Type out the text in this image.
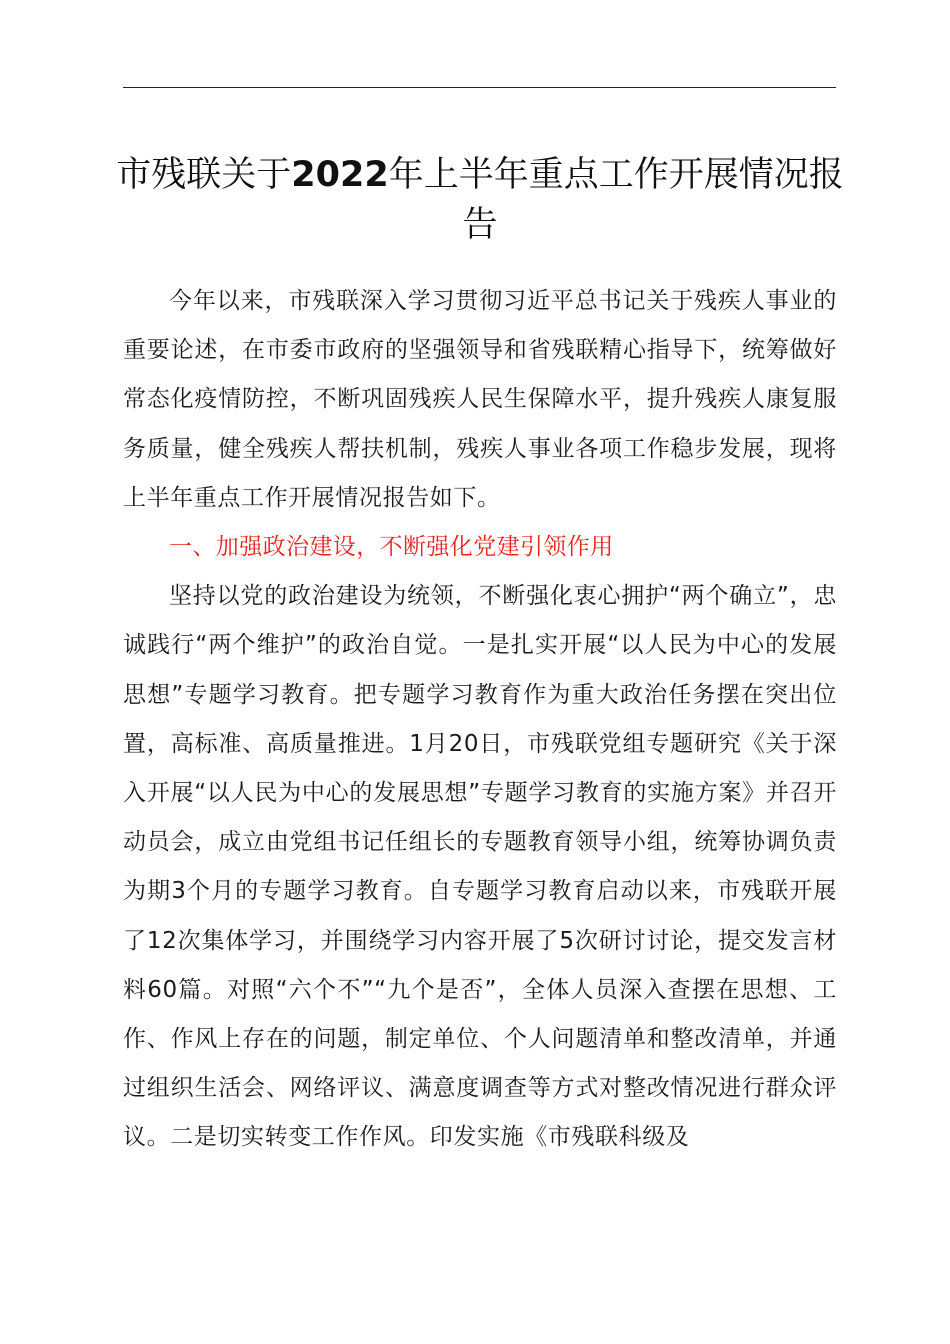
市残联关于2022年上半年重点工作开展情况报告

今年以来，市残联深入学习贯彻习近平总书记关于残疾人事业的重要论述，在市委市政府的坚强领导和省残联精心指导下，统筹做好常态化疫情防控，不断巩固残疾人民生保障水平，提升残疾人康复服务质量，健全残疾人帮扶机制，残疾人事业各项工作稳步发展，现将上半年重点工作开展情况报告如下。

一、加强政治建设，不断强化党建引领作用

坚持以党的政治建设为统领，不断强化衷心拥护“两个确立”，忠诚践行“两个维护”的政治自觉。一是扎实开展“以人民为中心的发展思想”专题学习教育。把专题学习教育作为重大政治任务摆在突出位置，高标准、高质量推进。1月20日，市残联党组专题研究《关于深入开展“以人民为中心的发展思想”专题学习教育的实施方案》并召开动员会，成立由党组书记任组长的专题教育领导小组，统筹协调负责为期3个月的专题学习教育。自专题学习教育启动以来，市残联开展了12次集体学习，并围绕学习内容开展了5次研讨讨论，提交发言材料60篇。对照“六个不”“九个是否”，全体人员深入查摆在思想、工作、作风上存在的问题，制定单位、个人问题清单和整改清单，并通过组织生活会、网络评议、满意度调查等方式对整改情况进行群众评议。二是切实转变工作作风。印发实施《市残联科级及
